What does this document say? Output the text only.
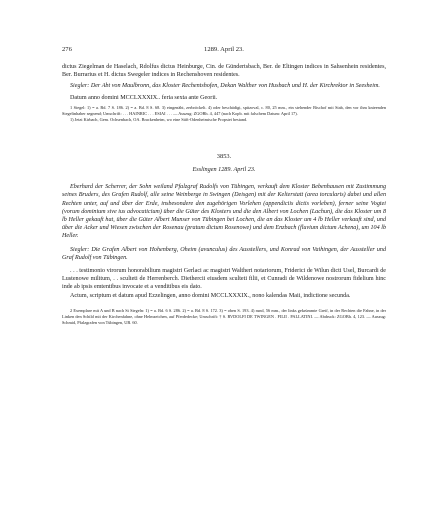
276	1289. April 23.

dictus Ziegelman de Haselach, Rdolfus dictus Heinburge, Cin. de Gündertsbach, Ber. de Eltingen indices in Sahsenhein residentes, Ber. Burrarius et H. dictus Swegeler indices in Rechenshoven residentes.

Siegler: Der Abt von Maulbronn, das Kloster Rechentshofen, Dekan Walther von Husbach und H. der Kirchrektor in Seesheim.

Datum anno domini MCCLXXXIX.. feria sexta ante Georii.

1 Siegel: 1) = a. Bd. 7 S. 186. 2) = a. Bd. 8 S. 68. 3) eingenäht, zerbröckelt. 4) oder beschädigt, spitzoval, c. 80, 25 mm., ein stehender Bischof mit Stab, den vor ihm knieenden Siegelinhaber segnend; Umschrift: . . . HAINRIC . . . ESIAI . . . — Auszug: ZGOBh. 4, 447 (nach Kopb. mit falschem Datum: April 17).

1) Jetzt Kirbach, Gem. Ochsenbach, OA. Brackenheim, wo eine Stift-Odenheimische Propstei bestand.

3853.

Esslingen 1289. April 23.

Eberhard der Scherrer, der Sohn weiland Pfalzgraf Rudolfs von Tübingen, verkauft dem Kloster Bebenhausen mit Zustimmung seines Bruders, des Grafen Rudolf, alle seine Weinberge in Swingen (Deisgen) mit der Kelterstatt (area torcularis) dabei und allen Rechten unter, auf und über der Erde, insbesondere den zugehörigen Vorlehen (appendiciis dictis vorleben), ferner seine Vogtei (vorum dominium sive ius advocaticium) über die Güter des Klosters und die den Albert von Lochen (Lachun), die das Kloster um 8 lb Heller gekauft hat, über die Güter Albert Munser von Tübingen bei Lochen, die an das Kloster um 4 lb Heller verkauft sind, und über die Acker und Wiesen zwischen der Rosenau (pratum dictum Rosenowe) und dem Enzbach (fluvium dictum Achena), um 104 lb Heller.

Siegler: Die Grafen Albert von Hohenberg, Oheim (avunculus) des Ausstellers, und Konrad von Vaihingen, der Aussteller und Graf Rudolf von Tübingen.

. . . testimonio virorum honorabilium magistri Gerlaci ac magistri Waltheri notariorum, Friderici de Wilun dicti Usel, Burcardi de Lustenowe militum, . . sculteti de Herrenberch. Diethercii eiusdem sculteti filii, et Cunradi de Wildenowe nostrorum fidelium hinc inde ab ipsis emtentibus invocate et a venditibus eis dato.

Actum, scriptum et datum apud Ezzelingen, anno domini MCCLXXXIX., nono kalendas Maii, indictione secunda.

2 Exemplare mit A und B nach St Siegeln: 1) = a. Bd. 6 S. 286. 2) = a. Bd. 8 S. 172. 3) = oben S. 193. 4) rund, 56 mm., der links gekrümmte Greif, in der Rechten die Fahne, in der Linken den Schild mit der Kirchenfahne, ohne Helmzeichen, auf Pferdedecke; Umschrift: † S. RVDOLFI DE TWINGEN . FILII . PALLATINI. — Abdruck: ZGOBh. 4, 123. — Auszug: Schmid, Pfalzgrafen von Tübingen, UB. 60.
